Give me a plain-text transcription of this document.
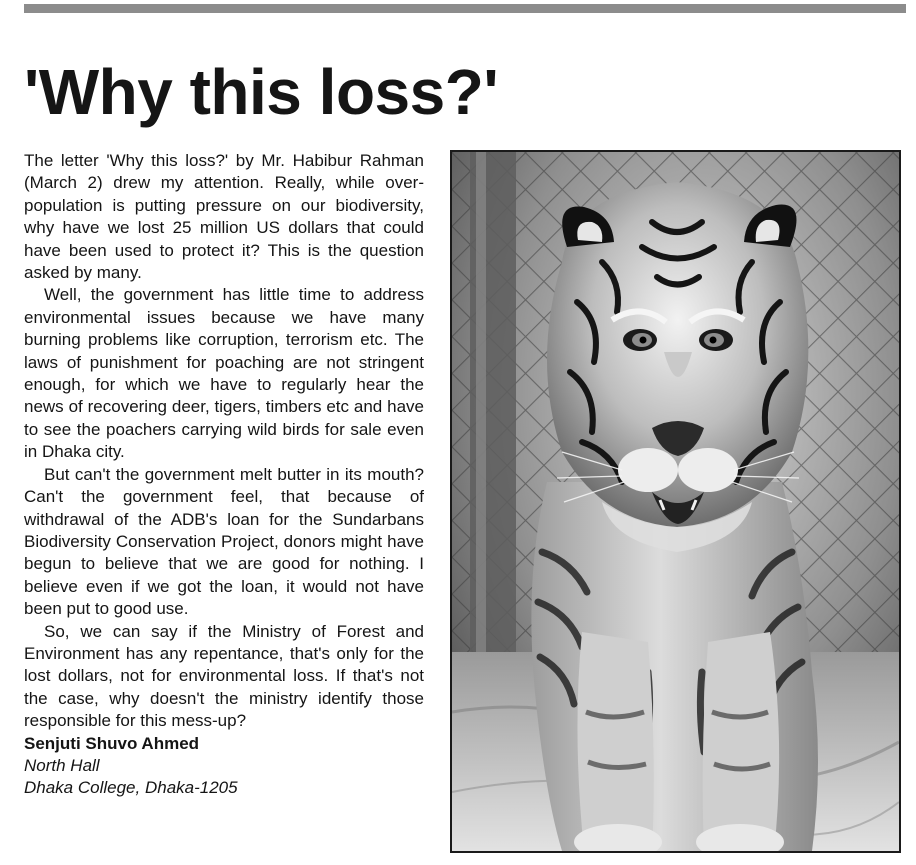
'Why this loss?'

The letter 'Why this loss?' by Mr. Habibur Rahman (March 2) drew my attention. Really, while over-population is putting pressure on our biodiversity, why have we lost 25 million US dollars that could have been used to protect it? This is the question asked by many.

Well, the government has little time to address environmental issues because we have many burning problems like corruption, terrorism etc. The laws of punishment for poaching are not stringent enough, for which we have to regularly hear the news of recovering deer, tigers, timbers etc and have to see the poachers carrying wild birds for sale even in Dhaka city.

But can't the government melt butter in its mouth? Can't the government feel, that because of withdrawal of the ADB's loan for the Sundarbans Biodiversity Conservation Project, donors might have begun to believe that we are good for nothing. I believe even if we got the loan, it would not have been put to good use.

So, we can say if the Ministry of Forest and Environment has any repentance, that's only for the lost dollars, not for environmental loss. If that's not the case, why doesn't the ministry identify those responsible for this mess-up?

Senjuti Shuvo Ahmed

North Hall

Dhaka College, Dhaka-1205
